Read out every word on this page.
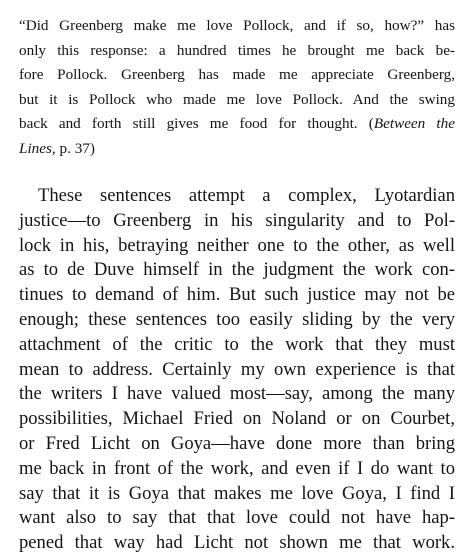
“Did Greenberg make me love Pollock, and if so, how?” has
only this response: a hundred times he brought me back be-
fore Pollock. Greenberg has made me appreciate Greenberg,
but it is Pollock who made me love Pollock. And the swing
back and forth still gives me food for thought. (Between the
Lines, p. 37)
These sentences attempt a complex, Lyotardian
justice—to Greenberg in his singularity and to Pol-
lock in his, betraying neither one to the other, as well
as to de Duve himself in the judgment the work con-
tinues to demand of him. But such justice may not be
enough; these sentences too easily sliding by the very
attachment of the critic to the work that they must
mean to address. Certainly my own experience is that
the writers I have valued most—say, among the many
possibilities, Michael Fried on Noland or on Courbet,
or Fred Licht on Goya—have done more than bring
me back in front of the work, and even if I do want to
say that it is Goya that makes me love Goya, I find I
want also to say that that love could not have hap-
pened that way had Licht not shown me that work.
